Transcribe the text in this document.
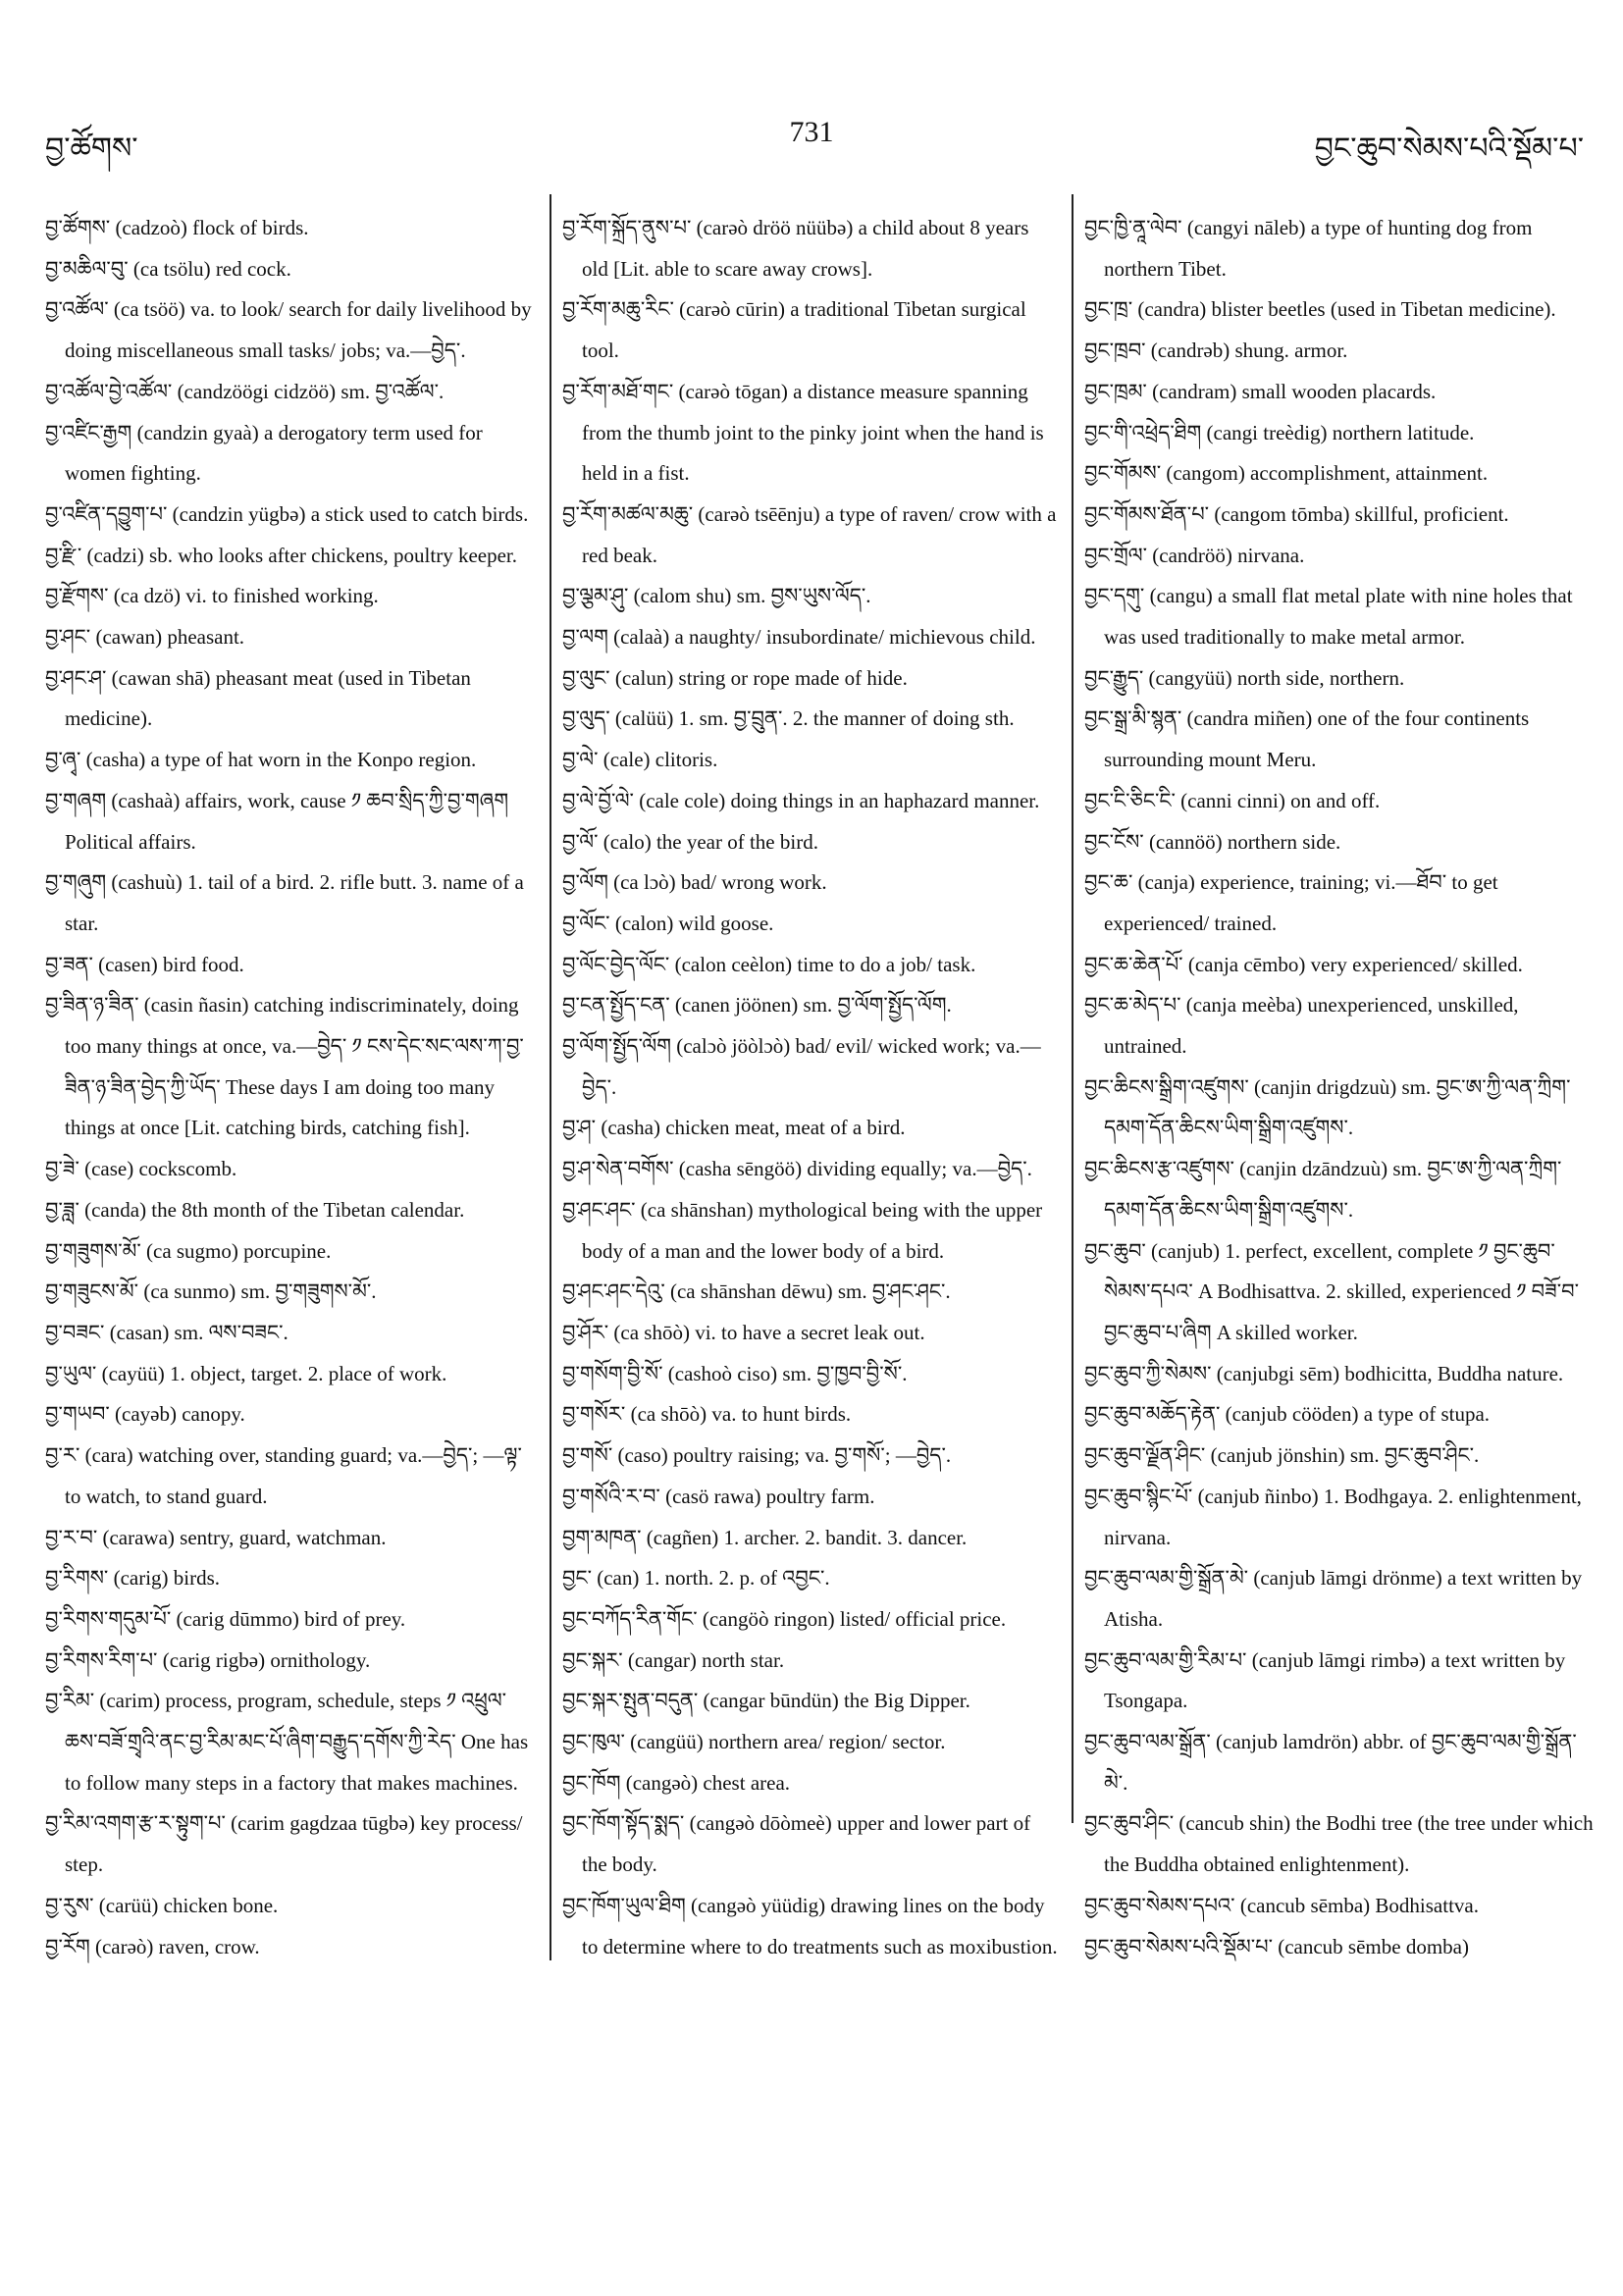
བྱ་ཚོགས་
731
བྱང་ཆུབ་སེམས་པའི་སྡོམ་པ་

བྱ་ཚོགས་ (cadzoò) flock of birds.

བྱ་མཆིལ་བུ་ (ca tsölu) red cock.

བྱ་འཚོལ་ (ca tsöö) va. to look/ search for daily livelihood by doing miscellaneous small tasks/ jobs; va.—བྱེད་.

བྱ་འཚོལ་བྱེ་འཚོལ་ (candzöögi cidzöö) sm. བྱ་འཚོལ་.

བྱ་འཛིང་རྒྱག (candzin gyaà) a derogatory term used for women fighting.

བྱ་འཛིན་དབྱུག་པ་ (candzin yügbə) a stick used to catch birds.

བྱ་རྫི་ (cadzi) sb. who looks after chickens, poultry keeper.

བྱ་རྫོགས་ (ca dzö) vi. to finished working.

བྱ་ཤང་ (cawan) pheasant.

བྱ་ཤང་ཤ་ (cawan shā) pheasant meat (used in Tibetan medicine).

བྱ་ཞྭ་ (casha) a type of hat worn in the Konpo region.

བྱ་གཞག (cashaà) affairs, work, cause ༡ ཆབ་སྲིད་ཀྱི་བྱ་གཞག Political affairs.

བྱ་གཞུག (cashuù) 1. tail of a bird. 2. rifle butt. 3. name of a star.

བྱ་ཟན་ (casen) bird food.

བྱ་ཟིན་ཉ་ཟིན་ (casin ñasin) catching indiscriminately, doing too many things at once, va.—བྱེད་ ༡ ངས་དེང་སང་ལས་ཀ་བྱ་ཟིན་ཉ་ཟིན་བྱེད་ཀྱི་ཡོད་ These days I am doing too many things at once [Lit. catching birds, catching fish].

བྱ་ཟེ་ (case) cockscomb.

བྱ་ཟླ་ (canda) the 8th month of the Tibetan calendar.

བྱ་གཟུགས་མོ་ (ca sugmo) porcupine.

བྱ་གཟུངས་མོ་ (ca sunmo) sm. བྱ་གཟུགས་མོ་.

བྱ་བཟང་ (casan) sm. ལས་བཟང་.

བྱ་ཡུལ་ (cayüü) 1. object, target. 2. place of work.

བྱ་གཡབ་ (cayəb) canopy.

བྱ་ར་ (cara) watching over, standing guard; va.—བྱེད་; —ལྟ་ to watch, to stand guard.

བྱ་ར་བ་ (carawa) sentry, guard, watchman.

བྱ་རིགས་ (carig) birds.

བྱ་རིགས་གདུམ་པོ་ (carig dūmmo) bird of prey.

བྱ་རིགས་རིག་པ་ (carig rigbə) ornithology.

བྱ་རིམ་ (carim) process, program, schedule, steps ༡ འཕྲུལ་ཆས་བཟོ་གྲྭའི་ནང་བྱ་རིམ་མང་པོ་ཞིག་བརྒྱུད་དགོས་ཀྱི་རེད་ One has to follow many steps in a factory that makes machines.

བྱ་རིམ་འགག་རྩ་ར་སྟུག་པ་ (carim gagdzaa tūgbə) key process/ step.

བྱ་རུས་ (carüü) chicken bone.

བྱ་རོག (carəò) raven, crow.

བྱ་རོག་སྐྲོད་ནུས་པ་ (carəò dröö nüübə) a child about 8 years old [Lit. able to scare away crows].

བྱ་རོག་མཆུ་རིང་ (carəò cūrin) a traditional Tibetan surgical tool.

བྱ་རོག་མཐོ་གང་ (carəò tōgan) a distance measure spanning from the thumb joint to the pinky joint when the hand is held in a fist.

བྱ་རོག་མཚལ་མཆུ་ (carəò tsēēnju) a type of raven/ crow with a red beak.

བྱ་ལྕམ་ཤུ་ (calom shu) sm. བྱས་ཡུས་ལོད་.

བྱ་ལག (calaà) a naughty/ insubordinate/ michievous child.

བྱ་ལུང་ (calun) string or rope made of hide.

བྱ་ལུད་ (calüü) 1. sm. བྱ་བྲུན་. 2. the manner of doing sth.

བྱ་ལེ་ (cale) clitoris.

བྱ་ལེ་བྱོ་ལེ་ (cale cole) doing things in an haphazard manner.

བྱ་ལོ་ (calo) the year of the bird.

བྱ་ལོག (ca lɔò) bad/ wrong work.

བྱ་ལོང་ (calon) wild goose.

བྱ་ལོང་བྱེད་ལོང་ (calon ceèlon) time to do a job/ task.

བྱ་ངན་སྤྱོད་ངན་ (canen jöönen) sm. བྱ་ལོག་སྤྱོད་ལོག.

བྱ་ལོག་སྤྱོད་ལོག (calɔò jöòlɔò) bad/ evil/ wicked work; va.—བྱེད་.

བྱ་ཤ་ (casha) chicken meat, meat of a bird.

བྱ་ཤ་སེན་བགོས་ (casha sēngöö) dividing equally; va.—བྱེད་.

བྱ་ཤང་ཤང་ (ca shānshan) mythological being with the upper body of a man and the lower body of a bird.

བྱ་ཤང་ཤང་དེའུ་ (ca shānshan dēwu) sm. བྱ་ཤང་ཤང་.

བྱ་ཤོར་ (ca shōò) vi. to have a secret leak out.

བྱ་གསོག་བྱི་སོ་ (cashoò ciso) sm. བྱ་ཁྱབ་བྱི་སོ་.

བྱ་གསོར་ (ca shōò) va. to hunt birds.

བྱ་གསོ་ (caso) poultry raising; va. བྱ་གསོ་; —བྱེད་.

བྱ་གསོའི་ར་བ་ (casö rawa) poultry farm.

བྱག་མཁན་ (cagñen) 1. archer. 2. bandit. 3. dancer.

བྱང་ (can) 1. north. 2. p. of འབྱང་.

བྱང་བཀོད་རིན་གོང་ (cangöò ringon) listed/ official price.

བྱང་སྐར་ (cangar) north star.

བྱང་སྐར་སྤུན་བདུན་ (cangar būndün) the Big Dipper.

བྱང་ཁུལ་ (cangüü) northern area/ region/ sector.

བྱང་ཁོག (cangəò) chest area.

བྱང་ཁོག་སྟོད་སྨད་ (cangəò dōòmeè) upper and lower part of the body.

བྱང་ཁོག་ཡུལ་ཐིག (cangəò yüüdig) drawing lines on the body to determine where to do treatments such as moxibustion.

བྱང་ཁྱི་ནཱ་ལེབ་ (cangyi nāleb) a type of hunting dog from northern Tibet.

བྱང་ཁྲ་ (candra) blister beetles (used in Tibetan medicine).

བྱང་ཁྲབ་ (candrəb) shung. armor.

བྱང་ཁྲམ་ (candram) small wooden placards.

བྱང་གི་འཕྲེད་ཐིག (cangi treèdig) northern latitude.

བྱང་གོམས་ (cangom) accomplishment, attainment.

བྱང་གོམས་ཐོན་པ་ (cangom tōmba) skillful, proficient.

བྱང་གྲོལ་ (candröö) nirvana.

བྱང་དགུ་ (cangu) a small flat metal plate with nine holes that was used traditionally to make metal armor.

བྱང་རྒྱུད་ (cangyüü) north side, northern.

བྱང་སྒྲ་མི་སྙན་ (candra miñen) one of the four continents surrounding mount Meru.

བྱང་ངི་ཅིང་ངི་ (canni cinni) on and off.

བྱང་ངོས་ (cannöö) northern side.

བྱང་ཆ་ (canja) experience, training; vi.—ཐོབ་ to get experienced/ trained.

བྱང་ཆ་ཆེན་པོ་ (canja cēmbo) very experienced/ skilled.

བྱང་ཆ་མེད་པ་ (canja meèba) unexperienced, unskilled, untrained.

བྱང་ཆིངས་སྒྲིག་འཛུགས་ (canjin drigdzuù) sm. བྱང་ཨ་ཀྱི་ལན་ཀྲིག་དམག་དོན་ཆིངས་ཡིག་སྒྲིག་འཛུགས་.

བྱང་ཆིངས་རྩ་འཛུགས་ (canjin dzāndzuù) sm. བྱང་ཨ་ཀྱི་ལན་ཀྲིག་དམག་དོན་ཆིངས་ཡིག་སྒྲིག་འཛུགས་.

བྱང་ཆུབ་ (canjub) 1. perfect, excellent, complete ༡ བྱང་ཆུབ་སེམས་དཔའ་ A Bodhisattva. 2. skilled, experienced ༡ བཟོ་བ་བྱང་ཆུབ་པ་ཞིག A skilled worker.

བྱང་ཆུབ་ཀྱི་སེམས་ (canjubgi sēm) bodhicitta, Buddha nature.

བྱང་ཆུབ་མཆོད་རྟེན་ (canjub cööden) a type of stupa.

བྱང་ཆུབ་ལྗོན་ཤིང་ (canjub jönshin) sm. བྱང་ཆུབ་ཤིང་.

བྱང་ཆུབ་སྙིང་པོ་ (canjub ñinbo) 1. Bodhgaya. 2. enlightenment, nirvana.

བྱང་ཆུབ་ལམ་གྱི་སྒྲོན་མེ་ (canjub lāmgi drönme) a text written by Atisha.

བྱང་ཆུབ་ལམ་གྱི་རིམ་པ་ (canjub lāmgi rimbə) a text written by Tsongapa.

བྱང་ཆུབ་ལམ་སྒྲོན་ (canjub lamdrön) abbr. of བྱང་ཆུབ་ལམ་གྱི་སྒྲོན་མེ་.

བྱང་ཆུབ་ཤིང་ (cancub shin) the Bodhi tree (the tree under which the Buddha obtained enlightenment).

བྱང་ཆུབ་སེམས་དཔའ་ (cancub sēmba) Bodhisattva.

བྱང་ཆུབ་སེམས་པའི་སྡོམ་པ་ (cancub sēmbe domba)
